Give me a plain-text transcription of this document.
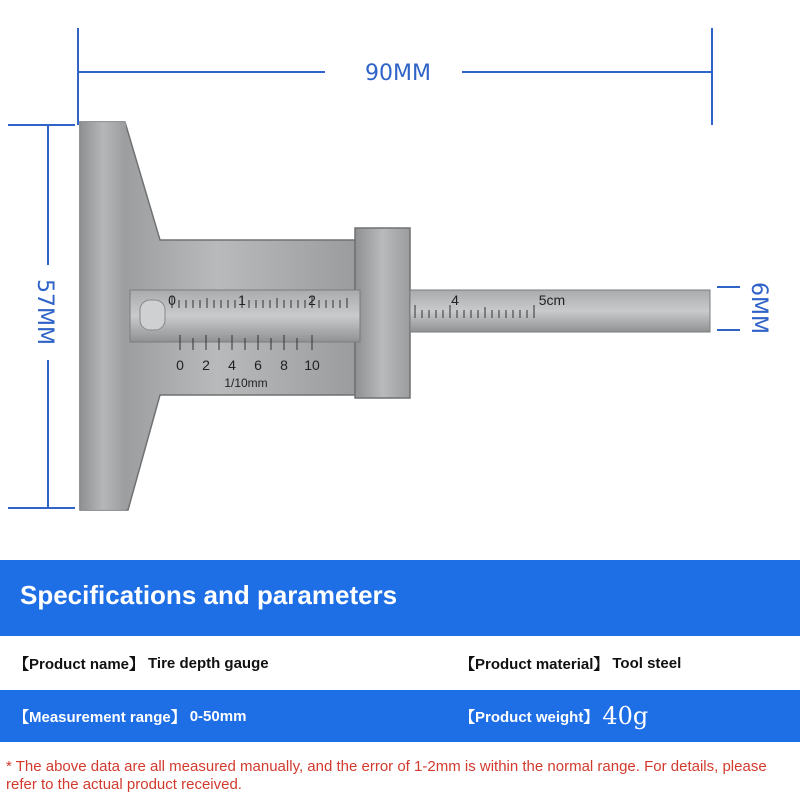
90MM
57MM	6MM
0	1	2	4	5cm
0 2 4 6 8 10
1/10mm
Specifications and parameters
【Product name】 Tire depth gauge	【Product material】 Tool steel
【Measurement range】 0-50mm	【Product weight】 40g
* The above data are all measured manually, and the error of 1-2mm is within the normal range. For details, please refer to the actual product received.
